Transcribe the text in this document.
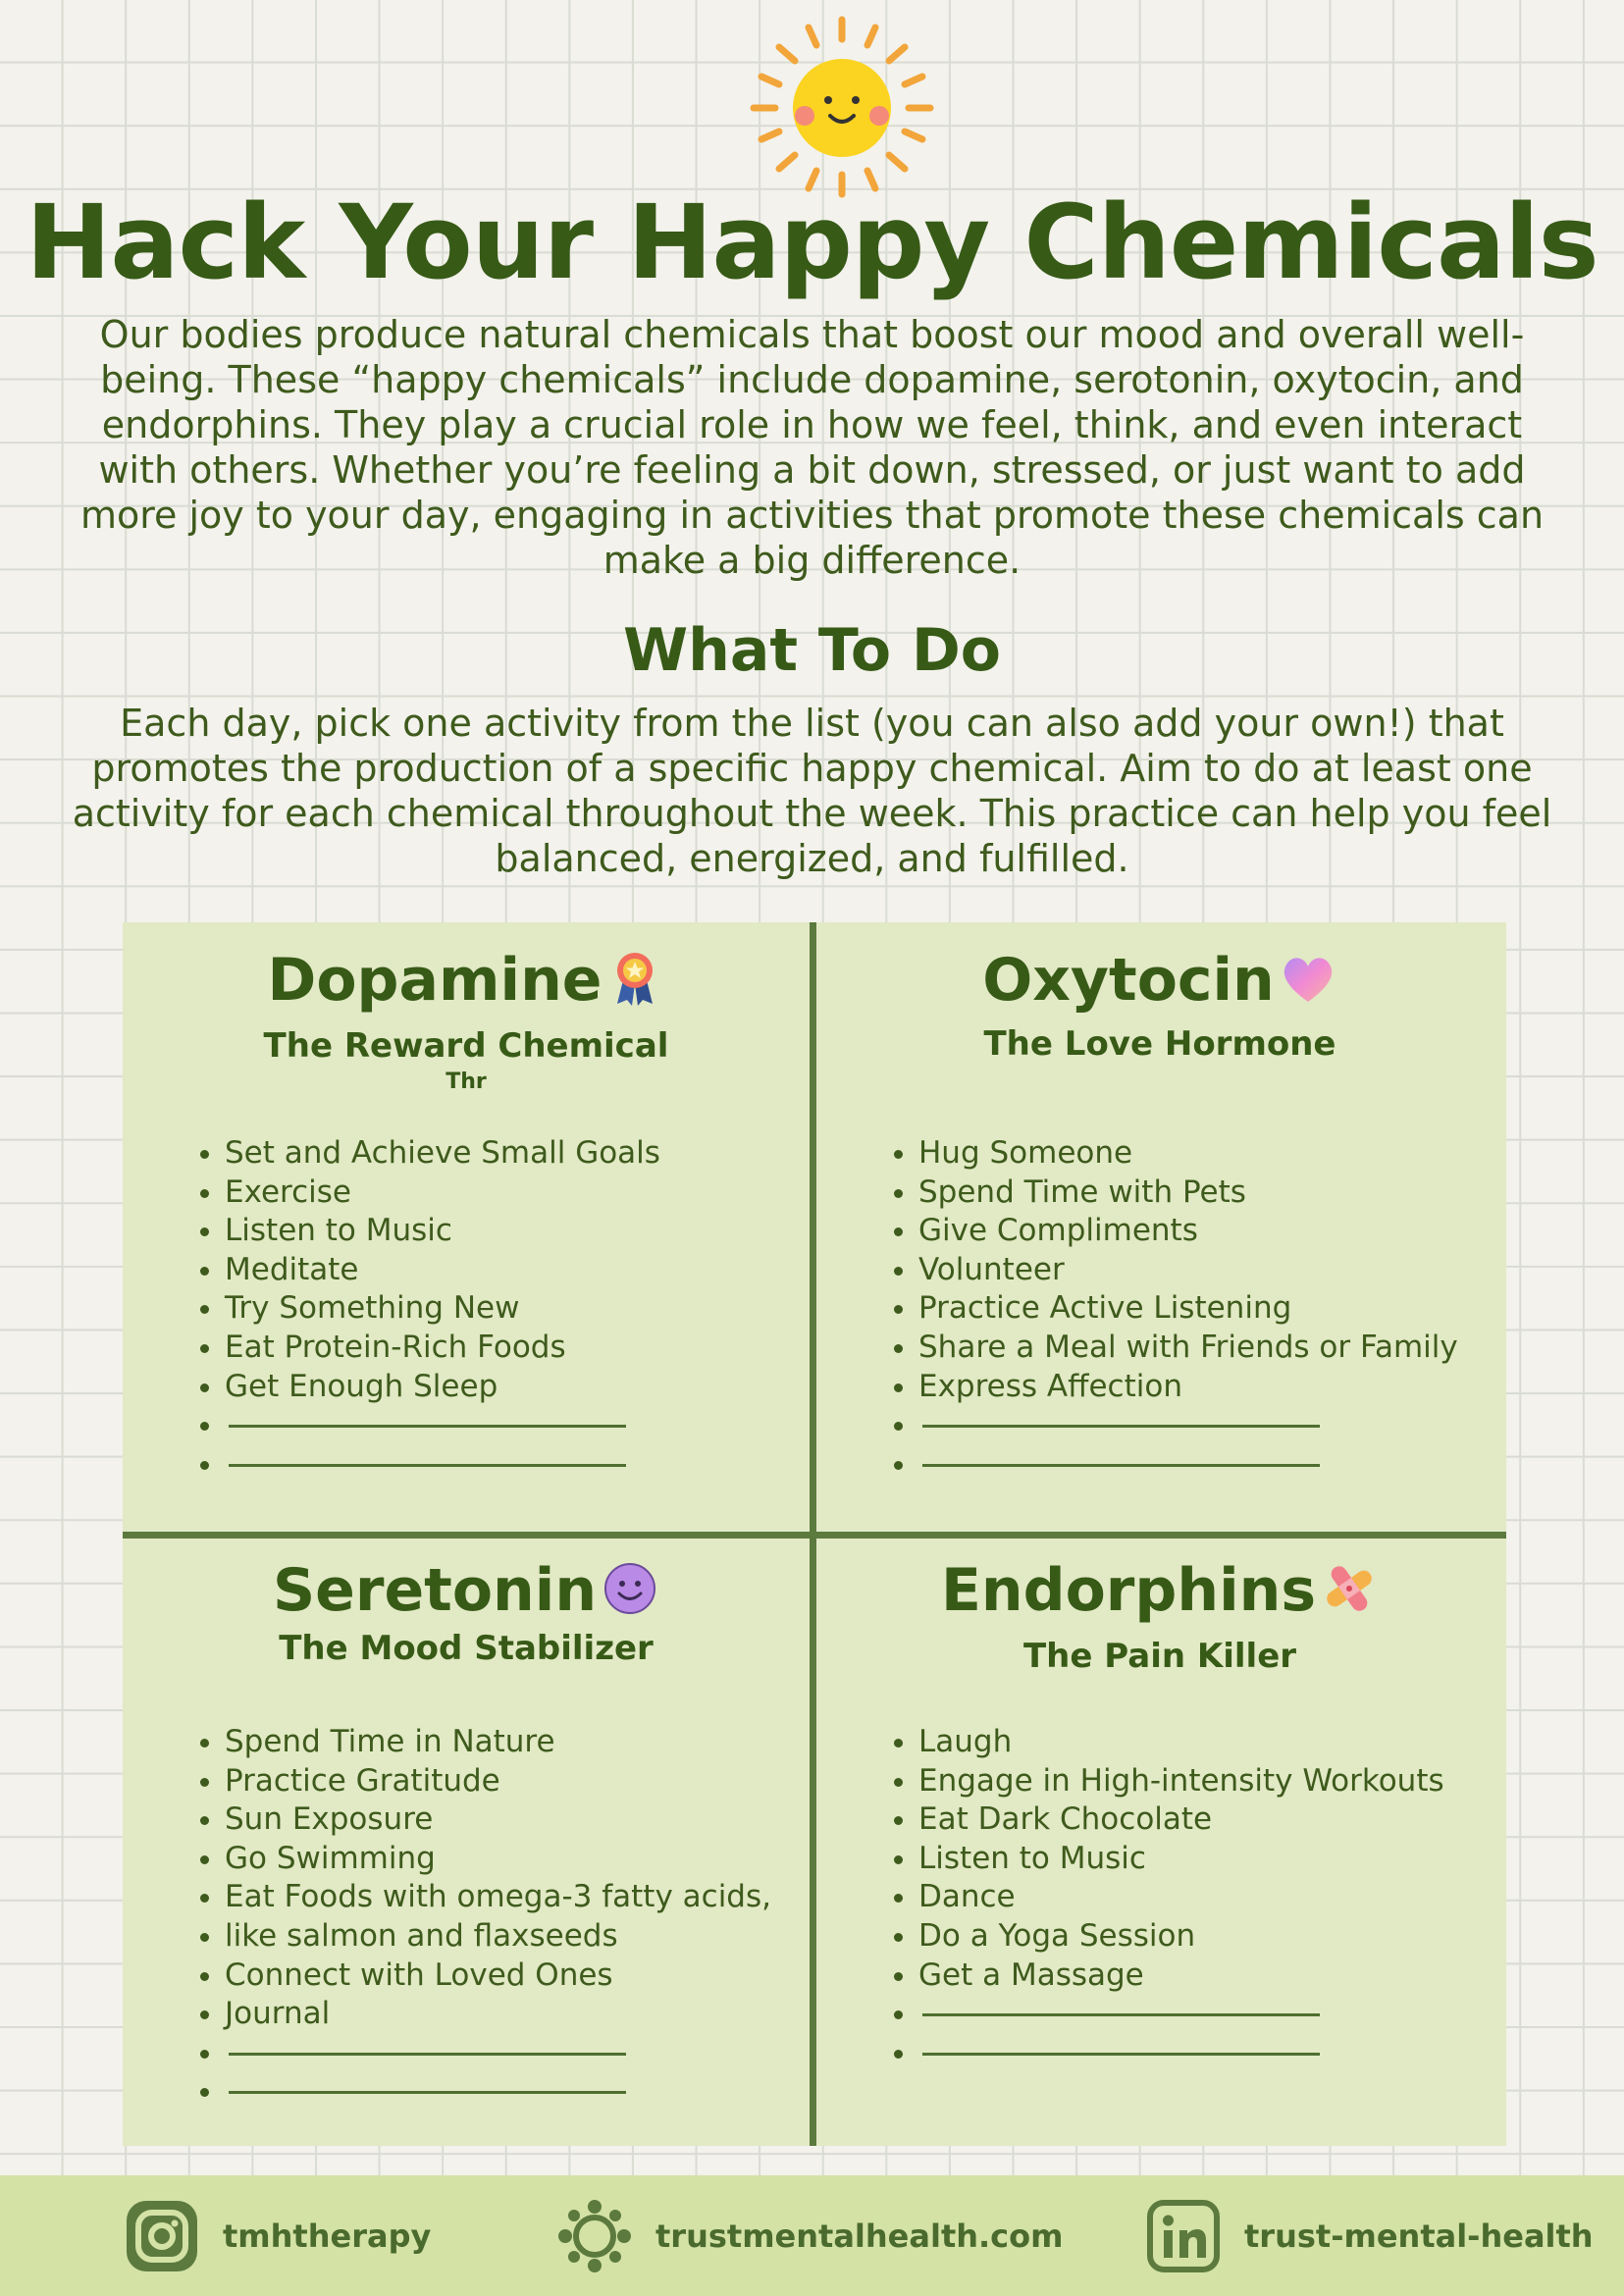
Hack Your Happy Chemicals

Our bodies produce natural chemicals that boost our mood and overall well-being. These “happy chemicals” include dopamine, serotonin, oxytocin, and endorphins. They play a crucial role in how we feel, think, and even interact with others. Whether you’re feeling a bit down, stressed, or just want to add more joy to your day, engaging in activities that promote these chemicals can make a big difference.

What To Do

Each day, pick one activity from the list (you can also add your own!) that promotes the production of a specific happy chemical. Aim to do at least one activity for each chemical throughout the week. This practice can help you feel balanced, energized, and fulfilled.

Dopamine
The Reward Chemical
Thr
• Set and Achieve Small Goals
• Exercise
• Listen to Music
• Meditate
• Try Something New
• Eat Protein-Rich Foods
• Get Enough Sleep
•
•
Oxytocin
The Love Hormone
• Hug Someone
• Spend Time with Pets
• Give Compliments
• Volunteer
• Practice Active Listening
• Share a Meal with Friends or Family
• Express Affection
•
•
Seretonin
The Mood Stabilizer
• Spend Time in Nature
• Practice Gratitude
• Sun Exposure
• Go Swimming
• Eat Foods with omega-3 fatty acids,
• like salmon and flaxseeds
• Connect with Loved Ones
• Journal
•
•
Endorphins
The Pain Killer
• Laugh
• Engage in High-intensity Workouts
• Eat Dark Chocolate
• Listen to Music
• Dance
• Do a Yoga Session
• Get a Massage
•
•
tmhtherapy	trustmentalhealth.com	trust-mental-health
